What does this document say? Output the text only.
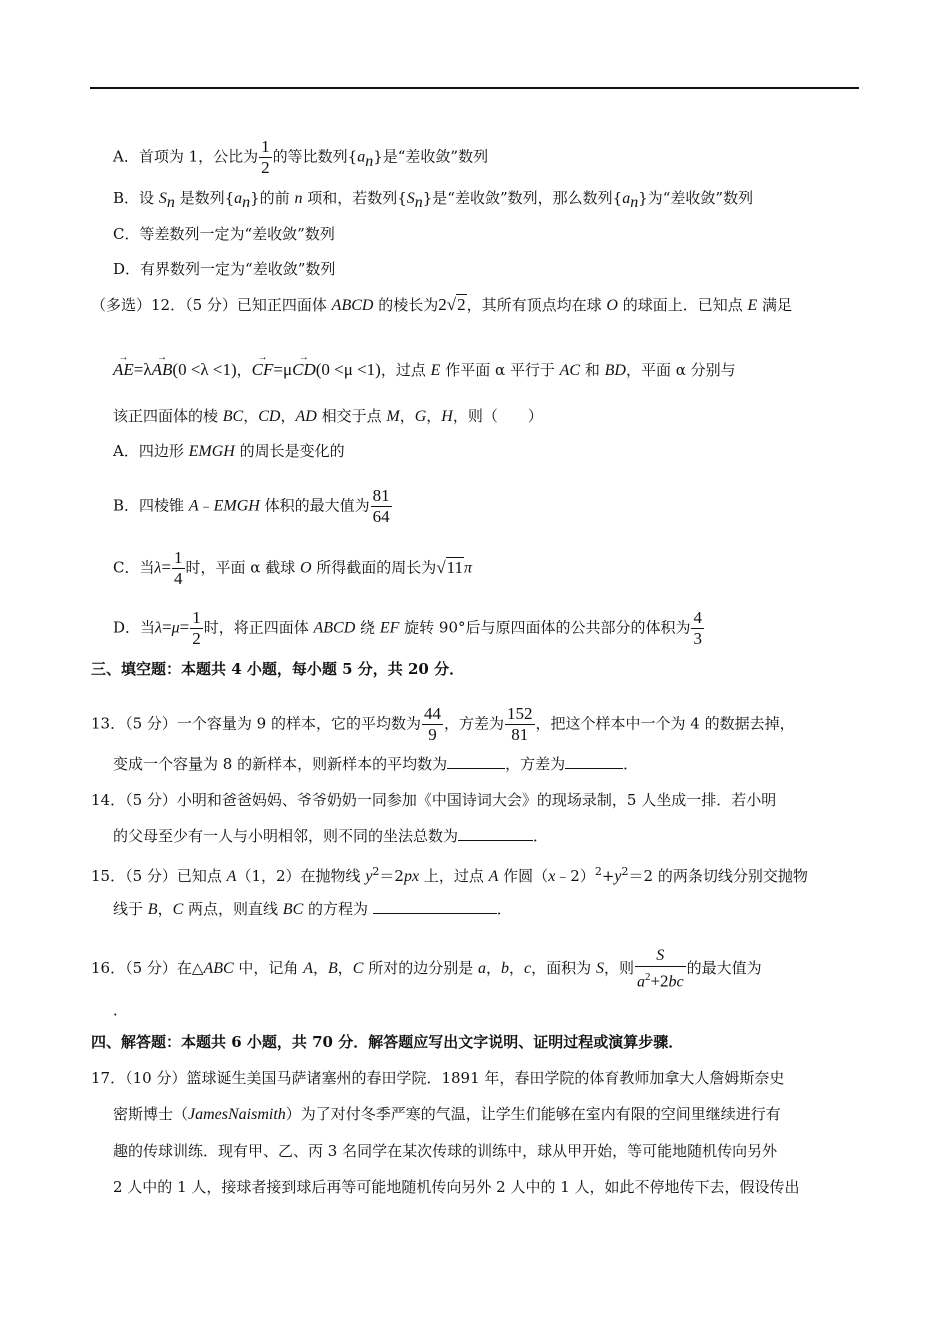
A．首项为 1，公比为 $\frac{1}{2}$ 的等比数列$\{a_n\}$是“差收敛”数列
B．设 $S_n$ 是数列$\{a_n\}$的前 n 项和，若数列$\{S_n\}$是“差收敛”数列，那么数列$\{a_n\}$为“差收敛”数列
C．等差数列一定为“差收敛”数列
D．有界数列一定为“差收敛”数列
（多选）12．（5 分）已知正四面体 ABCD 的棱长为2√2，其所有顶点均在球 O 的球面上．已知点 E 满足
→ AE=λ→ AB(0 <λ <1)，→ CF=μ→ CD(0 <μ <1)，过点 E 作平面 α 平行于 AC 和 BD，平面 α 分别与
该正四面体的棱 BC，CD，AD 相交于点 M，G，H，则（　　）
A．四边形 EMGH 的周长是变化的
B．四棱锥 A﹣EMGH 体积的最大值为 $\frac{81}{64}$
C．当$\lambda= \frac{1}{4}$ 时，平面 α 截球 O 所得截面的周长为√11π
D．当$\lambda=\mu= \frac{1}{2}$ 时，将正四面体 ABCD 绕 EF 旋转 90°后与原四面体的公共部分的体积为 $\frac{4}{3}$
三、填空题：本题共 4 小题，每小题 5 分，共 20 分．
13．（5 分）一个容量为 9 的样本，它的平均数为 $\frac{44}{9}$ ，方差为 $\frac{152}{81}$ ，把这个样本中一个为 4 的数据去掉，
变成一个容量为 8 的新样本，则新样本的平均数为	，方差为	．
14．（5 分）小明和爸爸妈妈、爷爷奶奶一同参加《中国诗词大会》的现场录制，5 人坐成一排．若小明
的父母至少有一人与小明相邻，则不同的坐法总数为	．
15．（5 分）已知点 A（1，2）在抛物线 $y^2=2px$ 上，过点 A 作圆$(x﹣2)^2+y^2=2$ 的两条切线分别交抛物
线于 B，C 两点，则直线 BC 的方程为	．
16．（5 分）在△ABC 中，记角 A，B，C 所对的边分别是 a，b，c，面积为 S，则 $\frac{S}{a^2+2bc}$ 的最大值为
．
四、解答题：本题共 6 小题，共 70 分．解答题应写出文字说明、证明过程或演算步骤．
17．（10 分）篮球诞生美国马萨诸塞州的春田学院．1891 年，春田学院的体育教师加拿大人詹姆斯奈史
密斯博士（JamesNaismith）为了对付冬季严寒的气温，让学生们能够在室内有限的空间里继续进行有
趣的传球训练．现有甲、乙、丙 3 名同学在某次传球的训练中，球从甲开始，等可能地随机传向另外
2 人中的 1 人，接球者接到球后再等可能地随机传向另外 2 人中的 1 人，如此不停地传下去，假设传出
